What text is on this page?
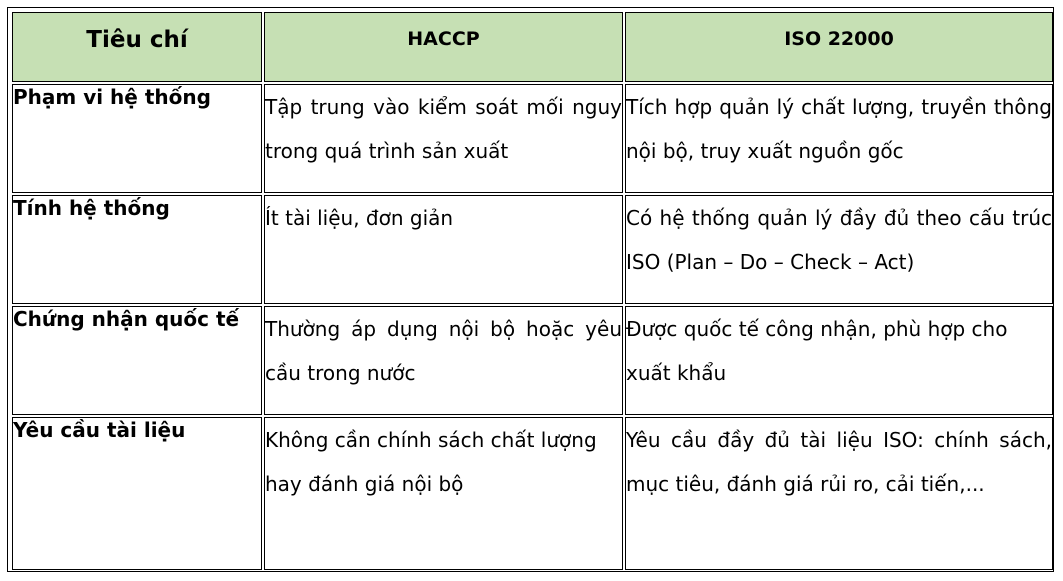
Tiêu chí	HACCP	ISO 22000

Phạm vi hệ thống	Tập trung vào kiểm soát mối nguy trong quá trình sản xuất	Tích hợp quản lý chất lượng, truyền thông nội bộ, truy xuất nguồn gốc
Tính hệ thống	Ít tài liệu, đơn giản	Có hệ thống quản lý đầy đủ theo cấu trúc ISO (Plan – Do – Check – Act)
Chứng nhận quốc tế	Thường áp dụng nội bộ hoặc yêu cầu trong nước	Được quốc tế công nhận, phù hợp cho xuất khẩu
Yêu cầu tài liệu	Không cần chính sách chất lượng hay đánh giá nội bộ	Yêu cầu đầy đủ tài liệu ISO: chính sách, mục tiêu, đánh giá rủi ro, cải tiến,...
